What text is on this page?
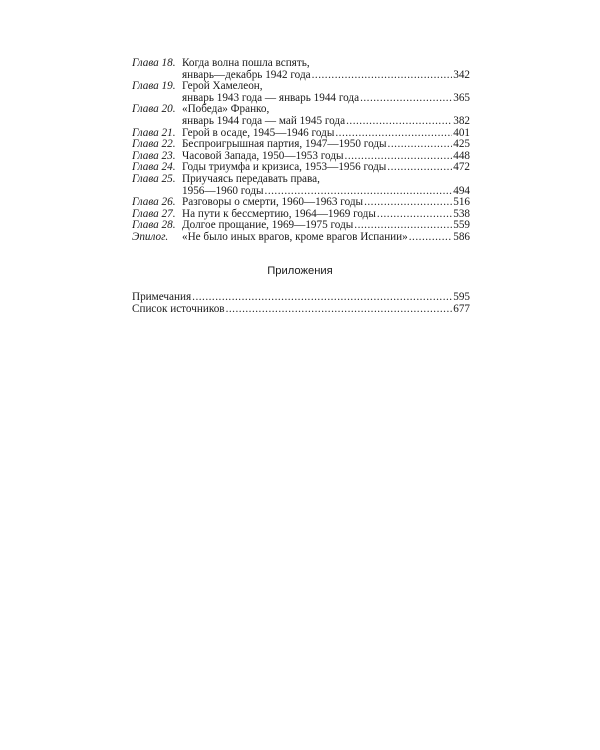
Глава 18. Когда волна пошла вспять,
январь—декабрь 1942 года .....	342
Глава 19. Герой Хамелеон,
январь 1943 года — январь 1944 года .....	365
Глава 20. «Победа» Франко,
январь 1944 года — май 1945 года .....	382
Глава 21. Герой в осаде, 1945—1946 годы .....	401
Глава 22. Беспроигрышная партия, 1947—1950 годы .....	425
Глава 23. Часовой Запада, 1950—1953 годы .....	448
Глава 24. Годы триумфа и кризиса, 1953—1956 годы .....	472
Глава 25. Приучаясь передавать права,
1956—1960 годы .....	494
Глава 26. Разговоры о смерти, 1960—1963 годы .....	516
Глава 27. На пути к бессмертию, 1964—1969 годы .....	538
Глава 28. Долгое прощание, 1969—1975 годы .....	559
Эпилог.	«Не было иных врагов, кроме врагов Испании» .....	586
Приложения
Примечания .....	595
Список источников .....	677
